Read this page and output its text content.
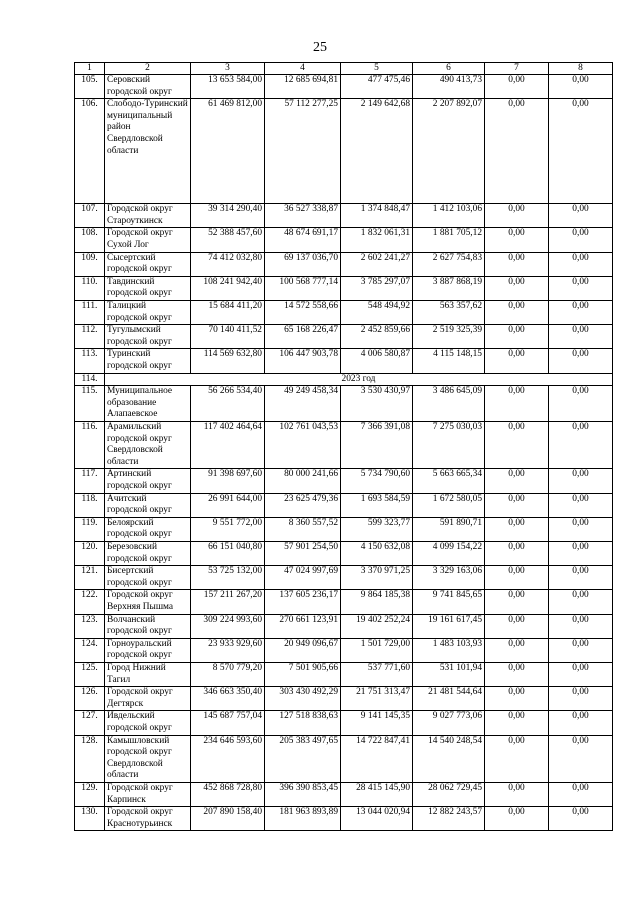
25
1	2	3	4	5	6	7	8
105.	Серовский городской округ	13 653 584,00	12 685 694,81	477 475,46	490 413,73	0,00	0,00
106.	Слободо-Туринский муниципальный район Свердловской области	61 469 812,00	57 112 277,25	2 149 642,68	2 207 892,07	0,00	0,00
107.	Городской округ Староуткинск	39 314 290,40	36 527 338,87	1 374 848,47	1 412 103,06	0,00	0,00
108.	Городской округ Сухой Лог	52 388 457,60	48 674 691,17	1 832 061,31	1 881 705,12	0,00	0,00
109.	Сысертский городской округ	74 412 032,80	69 137 036,70	2 602 241,27	2 627 754,83	0,00	0,00
110.	Тавдинский городской округ	108 241 942,40	100 568 777,14	3 785 297,07	3 887 868,19	0,00	0,00
111.	Талицкий городской округ	15 684 411,20	14 572 558,66	548 494,92	563 357,62	0,00	0,00
112.	Тугулымский городской округ	70 140 411,52	65 168 226,47	2 452 859,66	2 519 325,39	0,00	0,00
113.	Туринский городской округ	114 569 632,80	106 447 903,78	4 006 580,87	4 115 148,15	0,00	0,00
114.	2023 год						
115.	Муниципальное образование Алапаевское	56 266 534,40	49 249 458,34	3 530 430,97	3 486 645,09	0,00	0,00
116.	Арамильский городской округ Свердловской области	117 402 464,64	102 761 043,53	7 366 391,08	7 275 030,03	0,00	0,00
117.	Артинский городской округ	91 398 697,60	80 000 241,66	5 734 790,60	5 663 665,34	0,00	0,00
118.	Ачитский городской округ	26 991 644,00	23 625 479,36	1 693 584,59	1 672 580,05	0,00	0,00
119.	Белоярский городской округ	9 551 772,00	8 360 557,52	599 323,77	591 890,71	0,00	0,00
120.	Березовский городской округ	66 151 040,80	57 901 254,50	4 150 632,08	4 099 154,22	0,00	0,00
121.	Бисертский городской округ	53 725 132,00	47 024 997,69	3 370 971,25	3 329 163,06	0,00	0,00
122.	Городской округ Верхняя Пышма	157 211 267,20	137 605 236,17	9 864 185,38	9 741 845,65	0,00	0,00
123.	Волчанский городской округ	309 224 993,60	270 661 123,91	19 402 252,24	19 161 617,45	0,00	0,00
124.	Горноуральский городской округ	23 933 929,60	20 949 096,67	1 501 729,00	1 483 103,93	0,00	0,00
125.	Город Нижний Тагил	8 570 779,20	7 501 905,66	537 771,60	531 101,94	0,00	0,00
126.	Городской округ Дегтярск	346 663 350,40	303 430 492,29	21 751 313,47	21 481 544,64	0,00	0,00
127.	Ивдельский городской округ	145 687 757,04	127 518 838,63	9 141 145,35	9 027 773,06	0,00	0,00
128.	Камышловский городской округ Свердловской области	234 646 593,60	205 383 497,65	14 722 847,41	14 540 248,54	0,00	0,00
129.	Городской округ Карпинск	452 868 728,80	396 390 853,45	28 415 145,90	28 062 729,45	0,00	0,00
130.	Городской округ Краснотурьинск	207 890 158,40	181 963 893,89	13 044 020,94	12 882 243,57	0,00	0,00
